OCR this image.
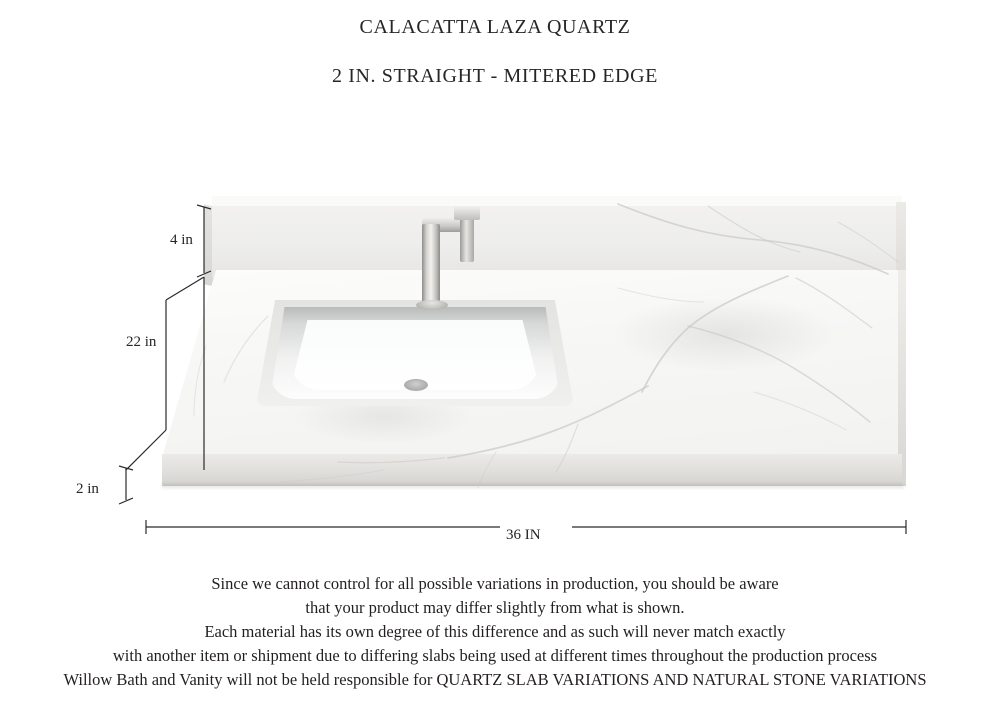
CALACATTA LAZA QUARTZ
2 IN. STRAIGHT - MITERED EDGE
4 in
22 in
2 in
36 IN
Since we cannot control for all possible variations in production, you should be aware
that your product may differ slightly from what is shown.
Each material has its own degree of this difference and as such will never match exactly
with another item or shipment due to differing slabs being used at different times throughout the production process
Willow Bath and Vanity will not be held responsible for QUARTZ SLAB VARIATIONS AND NATURAL STONE VARIATIONS
